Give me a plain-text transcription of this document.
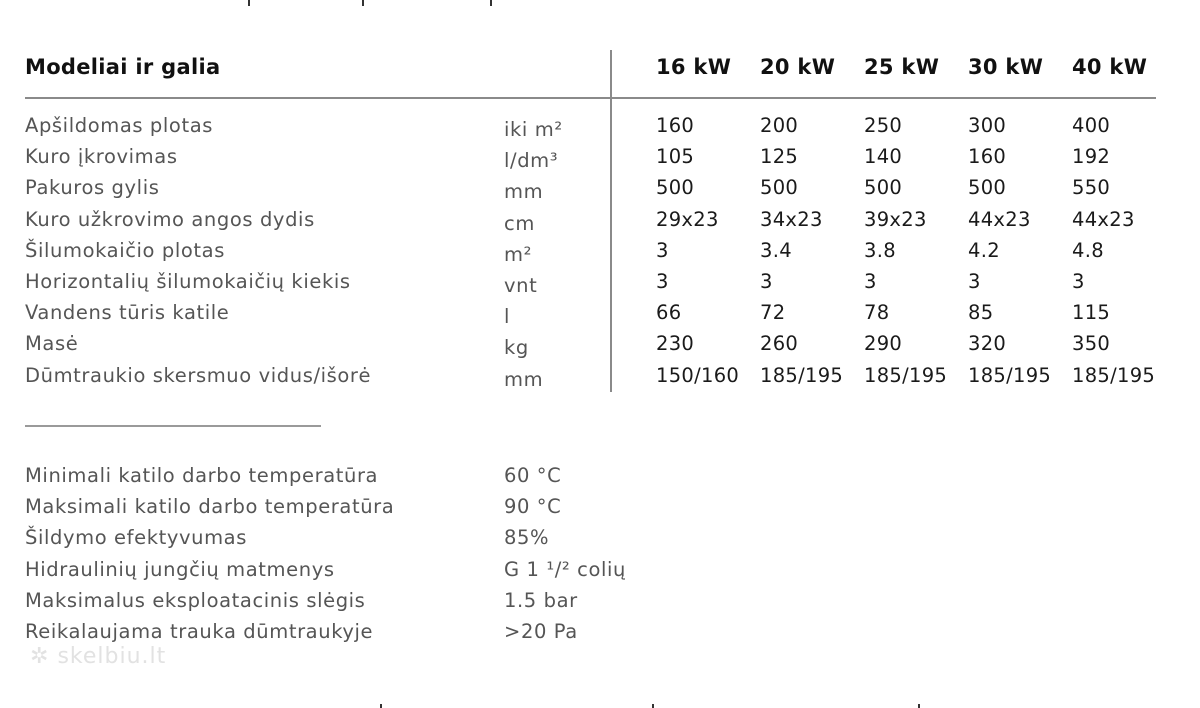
Modeliai ir galia	16 kW 20 kW 25 kW 30 kW 40 kW
Apšildomas plotas	iki m²	160	200	250	300	400
Kuro įkrovimas	l/dm³	105	125	140	160	192
Pakuros gylis	mm	500	500	500	500	550
Kuro užkrovimo angos dydis	cm	29x23 34x23 39x23 44x23 44x23
Šilumokaičio plotas	m²	3	3.4	3.8	4.2	4.8
Horizontalių šilumokaičių kiekis	vnt	3	3	3	3	3
Vandens tūris katile	l	66	72	78	85	115
Masė	kg	230	260	290	320	350
Dūmtraukio skersmuo vidus/išorė	mm	150/160 185/195 185/195 185/195 185/195
Minimali katilo darbo temperatūra	60 °C
Maksimali katilo darbo temperatūra	90 °C
Šildymo efektyvumas	85%
Hidraulinių jungčių matmenys	G 1 ¹/² colių
Maksimalus eksploatacinis slėgis	1.5 bar
Reikalaujama trauka dūmtraukyje	>20 Pa
✲ skelbiu.lt
